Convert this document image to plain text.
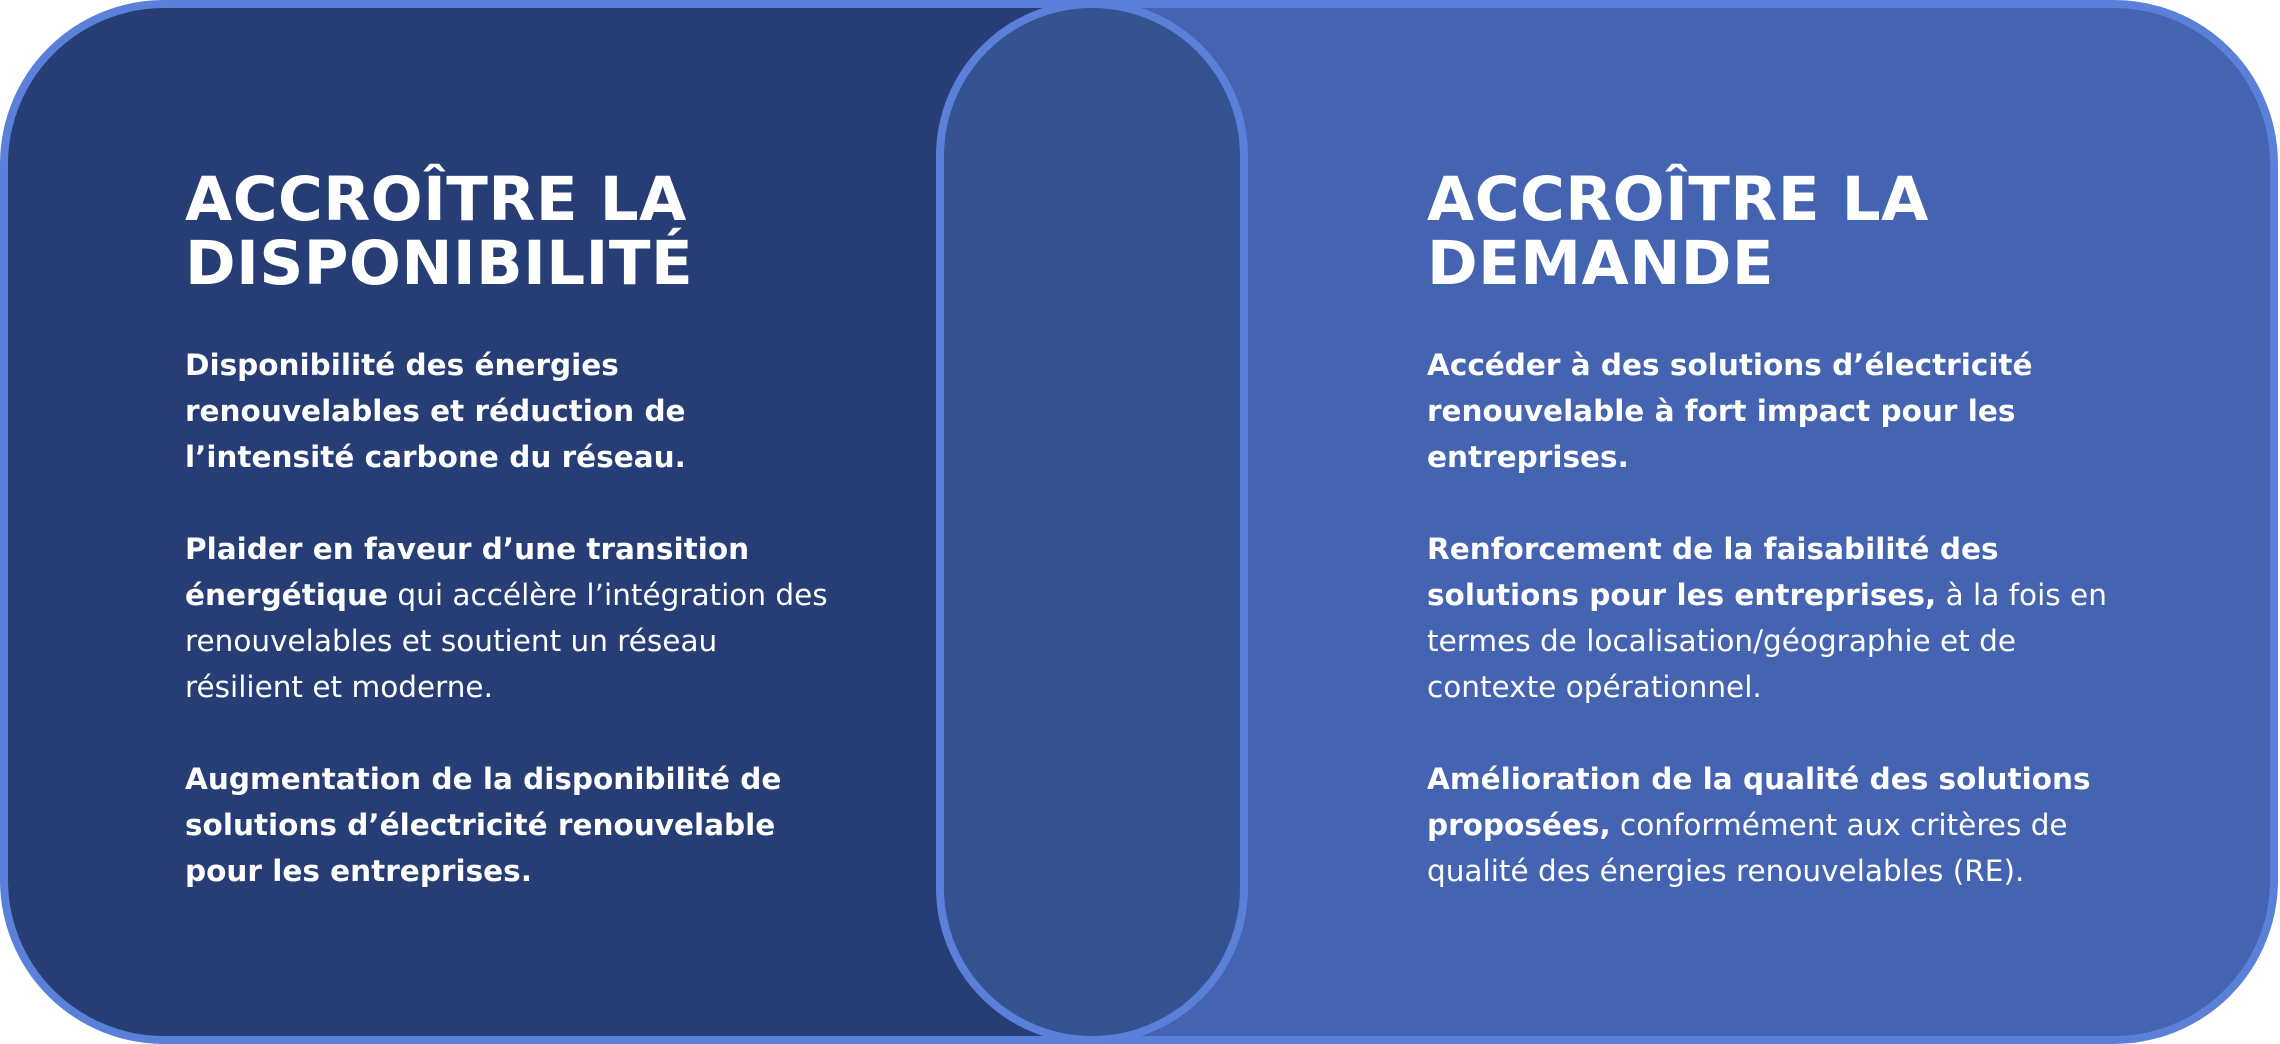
ACCROÎTRE LA
DISPONIBILITÉ

Disponibilité des énergies renouvelables et réduction de l’intensité carbone du réseau.

Plaider en faveur d’une transition énergétique qui accélère l’intégration des renouvelables et soutient un réseau résilient et moderne.

Augmentation de la disponibilité de solutions d’électricité renouvelable pour les entreprises.

ACCROÎTRE LA
DEMANDE

Accéder à des solutions d’électricité renouvelable à fort impact pour les entreprises.

Renforcement de la faisabilité des solutions pour les entreprises, à la fois en termes de localisation/géographie et de contexte opérationnel.

Amélioration de la qualité des solutions proposées, conformément aux critères de qualité des énergies renouvelables (RE).
